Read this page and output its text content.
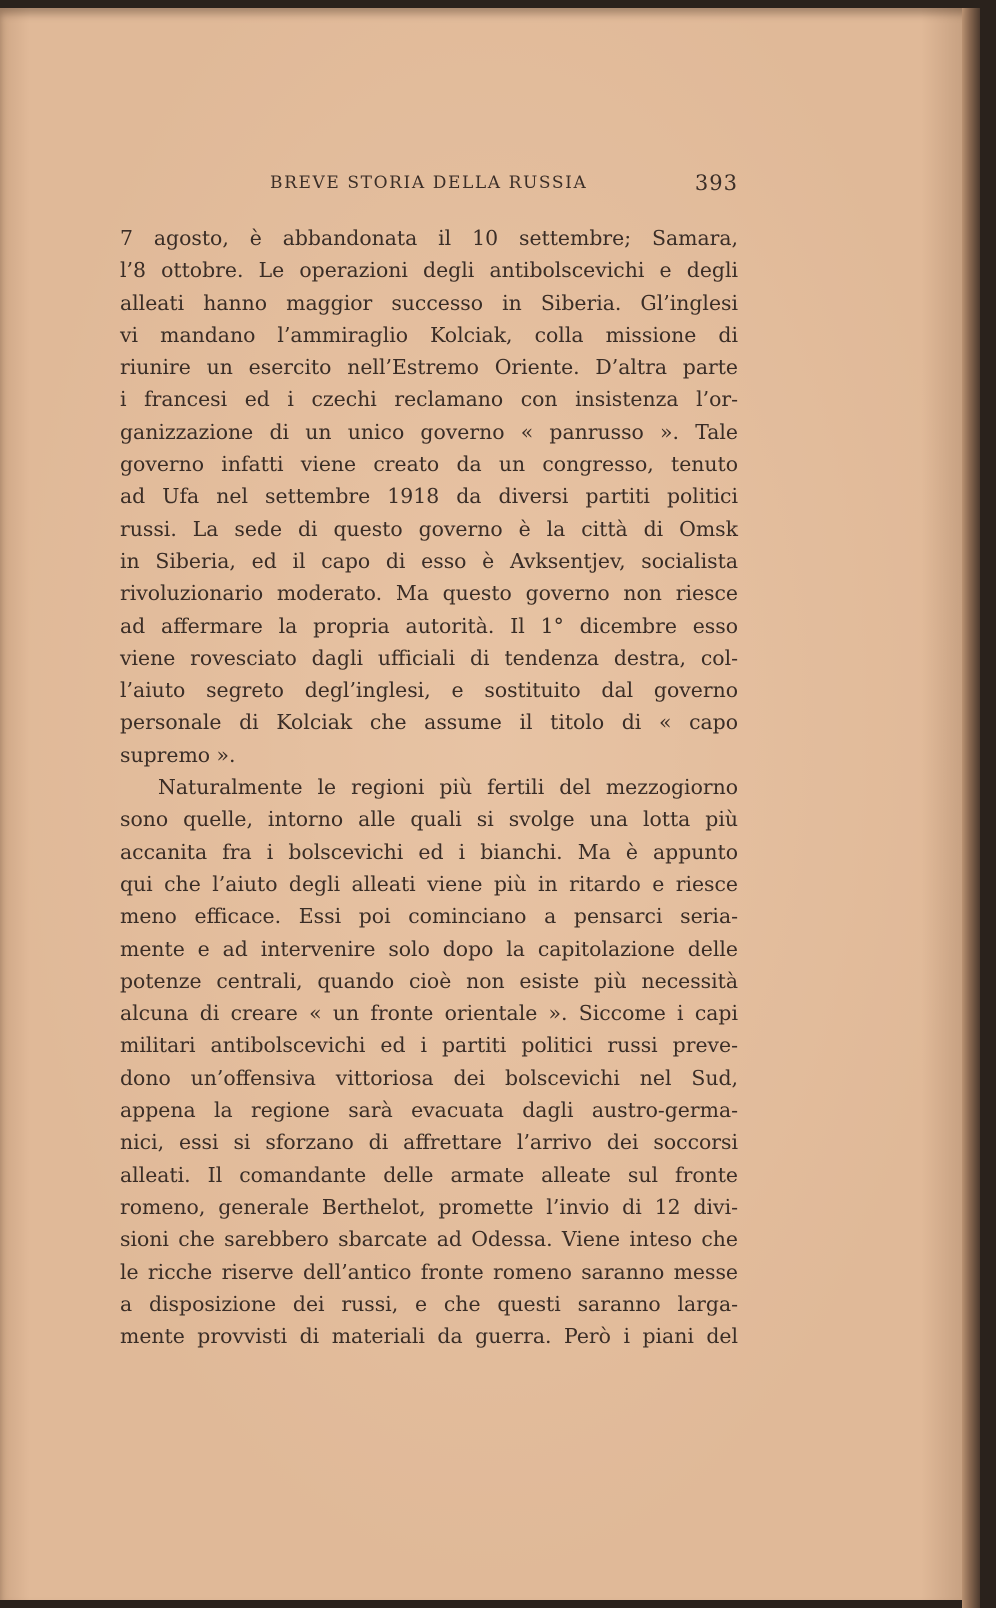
BREVE STORIA DELLA RUSSIA	393
7 agosto, è abbandonata il 10 settembre; Samara,
l’8 ottobre. Le operazioni degli antibolscevichi e degli
alleati hanno maggior successo in Siberia. Gl’inglesi
vi mandano l’ammiraglio Kolciak, colla missione di
riunire un esercito nell’Estremo Oriente. D’altra parte
i francesi ed i czechi reclamano con insistenza l’or-
ganizzazione di un unico governo « panrusso ». Tale
governo infatti viene creato da un congresso, tenuto
ad Ufa nel settembre 1918 da diversi partiti politici
russi. La sede di questo governo è la città di Omsk
in Siberia, ed il capo di esso è Avksentjev, socialista
rivoluzionario moderato. Ma questo governo non riesce
ad affermare la propria autorità. Il 1° dicembre esso
viene rovesciato dagli ufficiali di tendenza destra, col-
l’aiuto segreto degl’inglesi, e sostituito dal governo
personale di Kolciak che assume il titolo di « capo
supremo ».
Naturalmente le regioni più fertili del mezzogiorno
sono quelle, intorno alle quali si svolge una lotta più
accanita fra i bolscevichi ed i bianchi. Ma è appunto
qui che l’aiuto degli alleati viene più in ritardo e riesce
meno efficace. Essi poi cominciano a pensarci seria-
mente e ad intervenire solo dopo la capitolazione delle
potenze centrali, quando cioè non esiste più necessità
alcuna di creare « un fronte orientale ». Siccome i capi
militari antibolscevichi ed i partiti politici russi preve-
dono un’offensiva vittoriosa dei bolscevichi nel Sud,
appena la regione sarà evacuata dagli austro-germa-
nici, essi si sforzano di affrettare l’arrivo dei soccorsi
alleati. Il comandante delle armate alleate sul fronte
romeno, generale Berthelot, promette l’invio di 12 divi-
sioni che sarebbero sbarcate ad Odessa. Viene inteso che
le ricche riserve dell’antico fronte romeno saranno messe
a disposizione dei russi, e che questi saranno larga-
mente provvisti di materiali da guerra. Però i piani del
